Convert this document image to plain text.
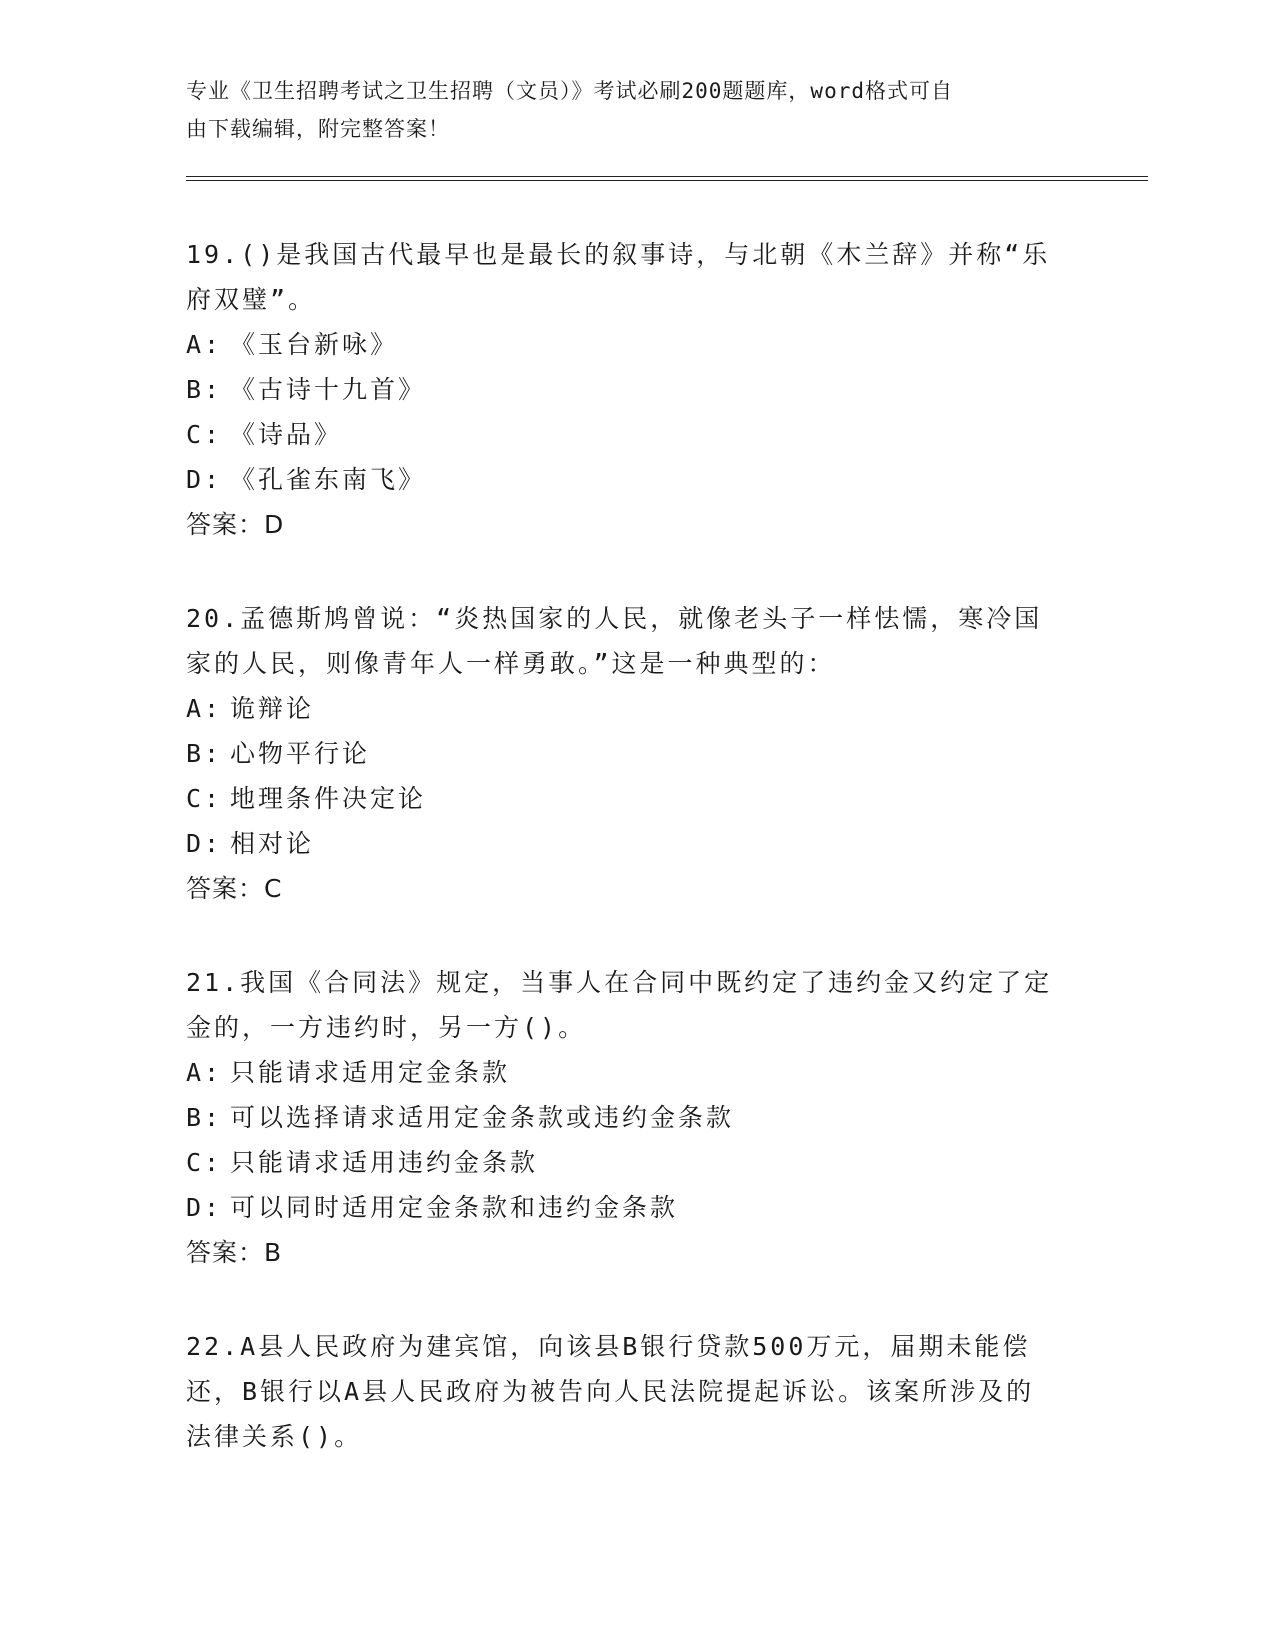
专业《卫生招聘考试之卫生招聘（文员）》考试必刷200题题库，word格式可自
由下载编辑，附完整答案！

19.()是我国古代最早也是最长的叙事诗，与北朝《木兰辞》并称“乐

府双璧”。

A: 《玉台新咏》

B: 《古诗十九首》

C: 《诗品》

D: 《孔雀东南飞》

答案：D

20.孟德斯鸠曾说：“炎热国家的人民，就像老头子一样怯懦，寒冷国

家的人民，则像青年人一样勇敢。”这是一种典型的：

A: 诡辩论

B: 心物平行论

C: 地理条件决定论

D: 相对论

答案：C

21.我国《合同法》规定，当事人在合同中既约定了违约金又约定了定

金的，一方违约时，另一方()。

A: 只能请求适用定金条款

B: 可以选择请求适用定金条款或违约金条款

C: 只能请求适用违约金条款

D: 可以同时适用定金条款和违约金条款

答案：B

22.A县人民政府为建宾馆，向该县B银行贷款500万元，届期未能偿

还，B银行以A县人民政府为被告向人民法院提起诉讼。该案所涉及的

法律关系()。
